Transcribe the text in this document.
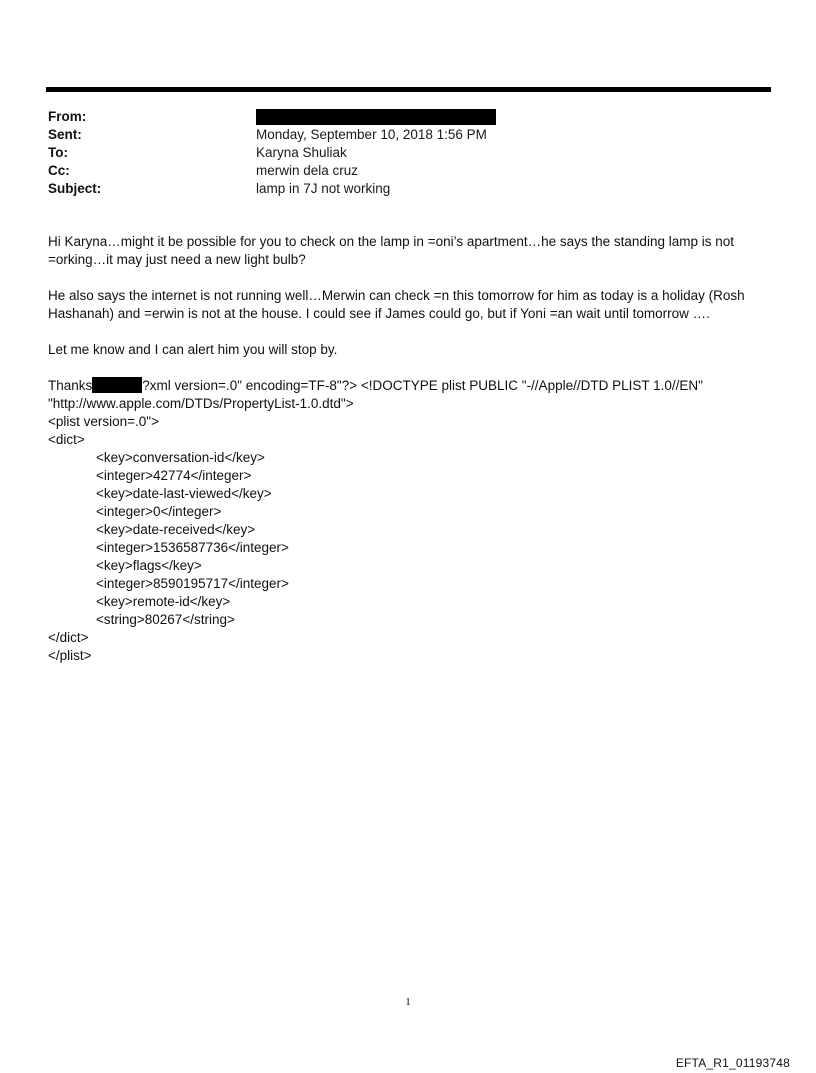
From:
Sent:	Monday, September 10, 2018 1:56 PM
To:	Karyna Shuliak
Cc:	merwin dela cruz
Subject:	lamp in 7J not working

Hi Karyna…might it be possible for you to check on the lamp in =oni’s apartment…he says the standing lamp is not =orking…it may just need a new light bulb?

He also says the internet is not running well…Merwin can check =n this tomorrow for him as today is a holiday (Rosh Hashanah) and =erwin is not at the house. I could see if James could go, but if Yoni =an wait until tomorrow ….

Let me know and I can alert him you will stop by.

Thanks	?xml version=.0" encoding=TF-8"?> <!DOCTYPE plist PUBLIC "-//Apple//DTD PLIST 1.0//EN"
"http://www.apple.com/DTDs/PropertyList-1.0.dtd">
<plist version=.0">
<dict>
<key>conversation-id</key>
<integer>42774</integer>
<key>date-last-viewed</key>
<integer>0</integer>
<key>date-received</key>
<integer>1536587736</integer>
<key>flags</key>
<integer>8590195717</integer>
<key>remote-id</key>
<string>80267</string>
</dict>
</plist>
1
EFTA_R1_01193748
